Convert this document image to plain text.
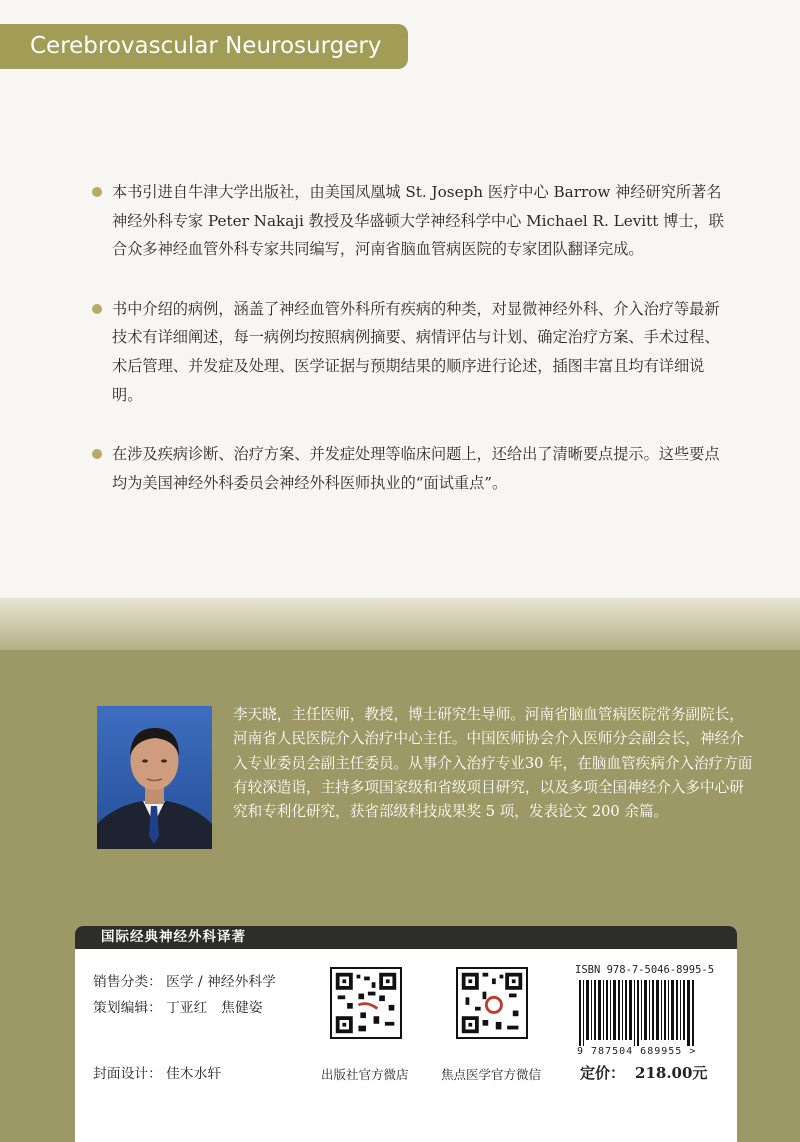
Cerebrovascular Neurosurgery
本书引进自牛津大学出版社，由美国凤凰城 St. Joseph 医疗中心 Barrow 神经研究所著名神经外科专家 Peter Nakaji 教授及华盛顿大学神经科学中心 Michael R. Levitt 博士，联合众多神经血管外科专家共同编写，河南省脑血管病医院的专家团队翻译完成。
书中介绍的病例，涵盖了神经血管外科所有疾病的种类，对显微神经外科、介入治疗等最新技术有详细阐述，每一病例均按照病例摘要、病情评估与计划、确定治疗方案、手术过程、术后管理、并发症及处理、医学证据与预期结果的顺序进行论述，插图丰富且均有详细说明。
在涉及疾病诊断、治疗方案、并发症处理等临床问题上，还给出了清晰要点提示。这些要点均为美国神经外科委员会神经外科医师执业的“面试重点”。
李天晓，主任医师，教授，博士研究生导师。河南省脑血管病医院常务副院长，河南省人民医院介入治疗中心主任。中国医师协会介入医师分会副会长，神经介入专业委员会副主任委员。从事介入治疗专业30 年，在脑血管疾病介入治疗方面有较深造诣，主持多项国家级和省级项目研究，以及多项全国神经介入多中心研究和专利化研究，获省部级科技成果奖 5 项，发表论文 200 余篇。
国际经典神经外科译著
销售分类： 医学 / 神经外科学
策划编辑： 丁亚红　焦健姿
封面设计： 佳木水轩	出版社官方微店	焦点医学官方微信
ISBN 978-7-5046-8995-5
9 787504 689955 >
定价： 218.00元
